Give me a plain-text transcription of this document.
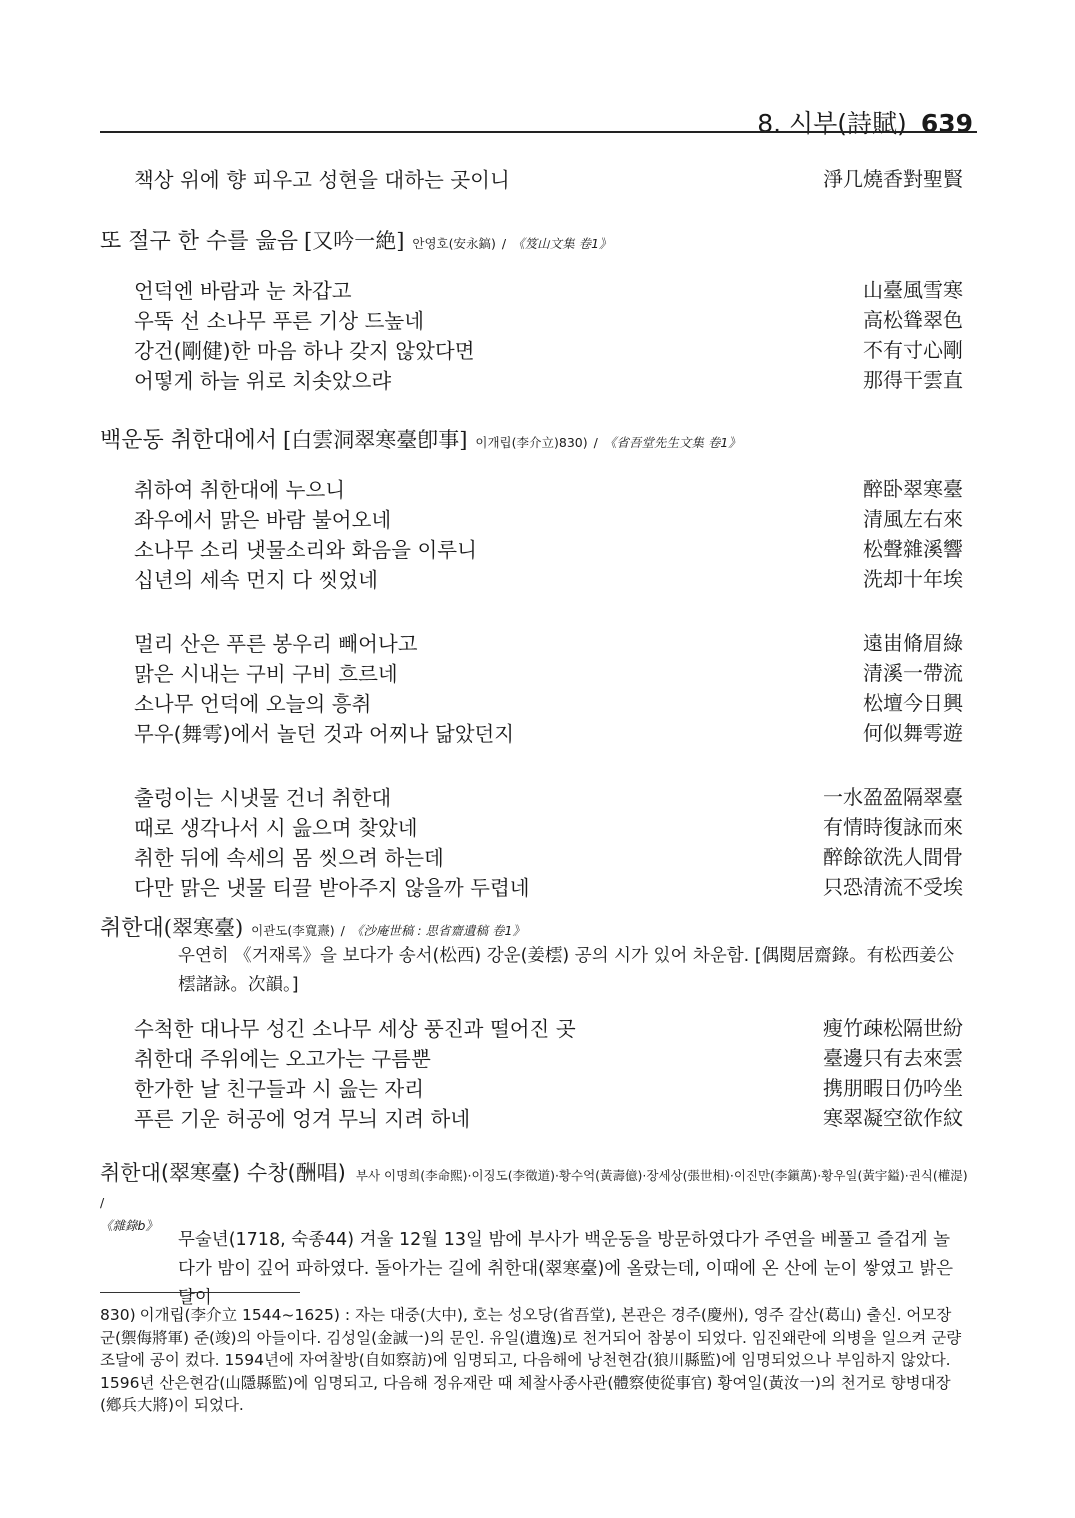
8. 시부(詩賦) 639
책상 위에 향 피우고 성현을 대하는 곳이니	淨几燒香對聖賢
또 절구 한 수를 읊음 [又吟一絶] 안영호(安永鎬) / 《笈山文集 卷1》
언덕엔 바람과 눈 차갑고	山臺風雪寒
우뚝 선 소나무 푸른 기상 드높네	高松聳翠色
강건(剛健)한 마음 하나 갖지 않았다면	不有寸心剛
어떻게 하늘 위로 치솟았으랴	那得干雲直
백운동 취한대에서 [白雲洞翠寒臺卽事] 이개립(李介立)830) / 《省吾堂先生文集 卷1》
취하여 취한대에 누으니	醉卧翠寒臺
좌우에서 맑은 바람 불어오네	清風左右來
소나무 소리 냇물소리와 화음을 이루니	松聲雜溪響
십년의 세속 먼지 다 씻었네	洗却十年埃
멀리 산은 푸른 봉우리 빼어나고	遠峀脩眉綠
맑은 시내는 구비 구비 흐르네	清溪一帶流
소나무 언덕에 오늘의 흥취	松壇今日興
무우(舞雩)에서 놀던 것과 어찌나 닮았던지	何似舞雩遊
출렁이는 시냇물 건너 취한대	一水盈盈隔翠臺
때로 생각나서 시 읊으며 찾았네	有情時復詠而來
취한 뒤에 속세의 몸 씻으려 하는데	醉餘欲洗人間骨
다만 맑은 냇물 티끌 받아주지 않을까 두렵네	只恐清流不受埃
취한대(翠寒臺) 이관도(李寬燾) / 《沙庵世稿 : 思省齋遺稿 卷1》
우연히 《거재록》을 보다가 송서(松西) 강운(姜橒) 공의 시가 있어 차운함. [偶閱居齋錄。有松西姜公橒諸詠。次韻。]
수척한 대나무 성긴 소나무 세상 풍진과 떨어진 곳	瘦竹疎松隔世紛
취한대 주위에는 오고가는 구름뿐	臺邊只有去來雲
한가한 날 친구들과 시 읊는 자리	携朋暇日仍吟坐
푸른 기운 허공에 엉겨 무늬 지려 하네	寒翠凝空欲作紋
취한대(翠寒臺) 수창(酬唱) 부사 이명희(李命熙)·이징도(李徵道)·황수억(黃壽億)·장세상(張世相)·이진만(李鎭萬)·황우일(黃宇鎰)·권식(權湜) /
《雜錄b》
무술년(1718, 숙종44) 겨울 12월 13일 밤에 부사가 백운동을 방문하였다가 주연을 베풀고 즐겁게 놀다가 밤이 깊어 파하였다. 돌아가는 길에 취한대(翠寒臺)에 올랐는데, 이때에 온 산에 눈이 쌓였고 밝은 달이
830) 이개립(李介立 1544~1625) : 자는 대중(大中), 호는 성오당(省吾堂), 본관은 경주(慶州), 영주 갈산(葛山) 출신. 어모장군(禦侮將軍) 준(竣)의 아들이다. 김성일(金誠一)의 문인. 유일(遺逸)로 천거되어 참봉이 되었다. 임진왜란에 의병을 일으켜 군량 조달에 공이 컸다. 1594년에 자여찰방(自如察訪)에 임명되고, 다음해에 낭천현감(狼川縣監)에 임명되었으나 부임하지 않았다. 1596년 산은현감(山隱縣監)에 임명되고, 다음해 정유재란 때 체찰사종사관(體察使從事官) 황여일(黃汝一)의 천거로 향병대장(鄕兵大將)이 되었다.
